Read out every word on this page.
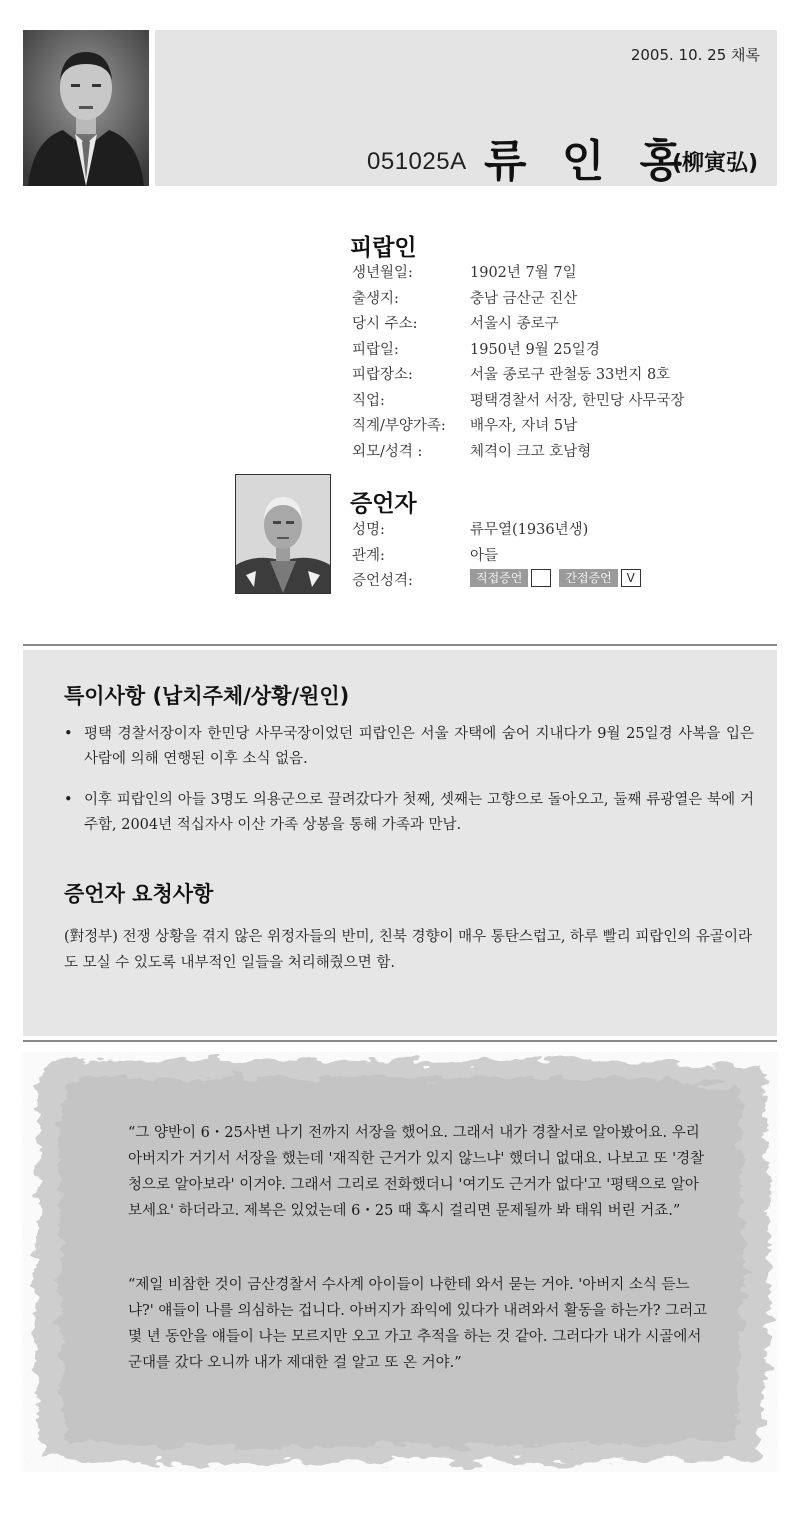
2005. 10. 25 채록
051025A 류 인 홍
(柳寅弘)
피랍인
생년월일:	1902년 7월 7일
출생지:	충남 금산군 진산
당시 주소:	서울시 종로구
피랍일:	1950년 9월 25일경
피랍장소:	서울 종로구 관철동 33번지 8호
직업:	평택경찰서 서장, 한민당 사무국장
직계/부양가족:	배우자, 자녀 5남
외모/성격 :	체격이 크고 호남형
증언자
성명:	류무열(1936년생)
관계:	아들
증언성격:	직접증언	간접증언 V
특이사항 (납치주체/상황/원인)
• 평택 경찰서장이자 한민당 사무국장이었던 피랍인은 서울 자택에 숨어 지내다가 9월 25일경 사복을 입은 사람에 의해 연행된 이후 소식 없음.
• 이후 피랍인의 아들 3명도 의용군으로 끌려갔다가 첫째, 셋째는 고향으로 돌아오고, 둘째 류광열은 북에 거주함, 2004년 적십자사 이산 가족 상봉을 통해 가족과 만남.
증언자 요청사항
(對정부) 전쟁 상황을 겪지 않은 위정자들의 반미, 친북 경향이 매우 통탄스럽고, 하루 빨리 피랍인의 유골이라도 모실 수 있도록 내부적인 일들을 처리해줬으면 함.
“그 양반이 6・25사변 나기 전까지 서장을 했어요. 그래서 내가 경찰서로 알아봤어요. 우리 아버지가 거기서 서장을 했는데 '재직한 근거가 있지 않느냐' 했더니 없대요. 나보고 또 '경찰청으로 알아보라' 이거야. 그래서 그리로 전화했더니 '여기도 근거가 없다'고 '평택으로 알아보세요' 하더라고. 제복은 있었는데 6・25 때 혹시 걸리면 문제될까 봐 태워 버린 거죠.”
“제일 비참한 것이 금산경찰서 수사계 아이들이 나한테 와서 묻는 거야. '아버지 소식 듣느냐?' 얘들이 나를 의심하는 겁니다. 아버지가 좌익에 있다가 내려와서 활동을 하는가? 그러고 몇 년 동안을 얘들이 나는 모르지만 오고 가고 추적을 하는 것 같아. 그러다가 내가 시골에서 군대를 갔다 오니까 내가 제대한 걸 알고 또 온 거야.”
